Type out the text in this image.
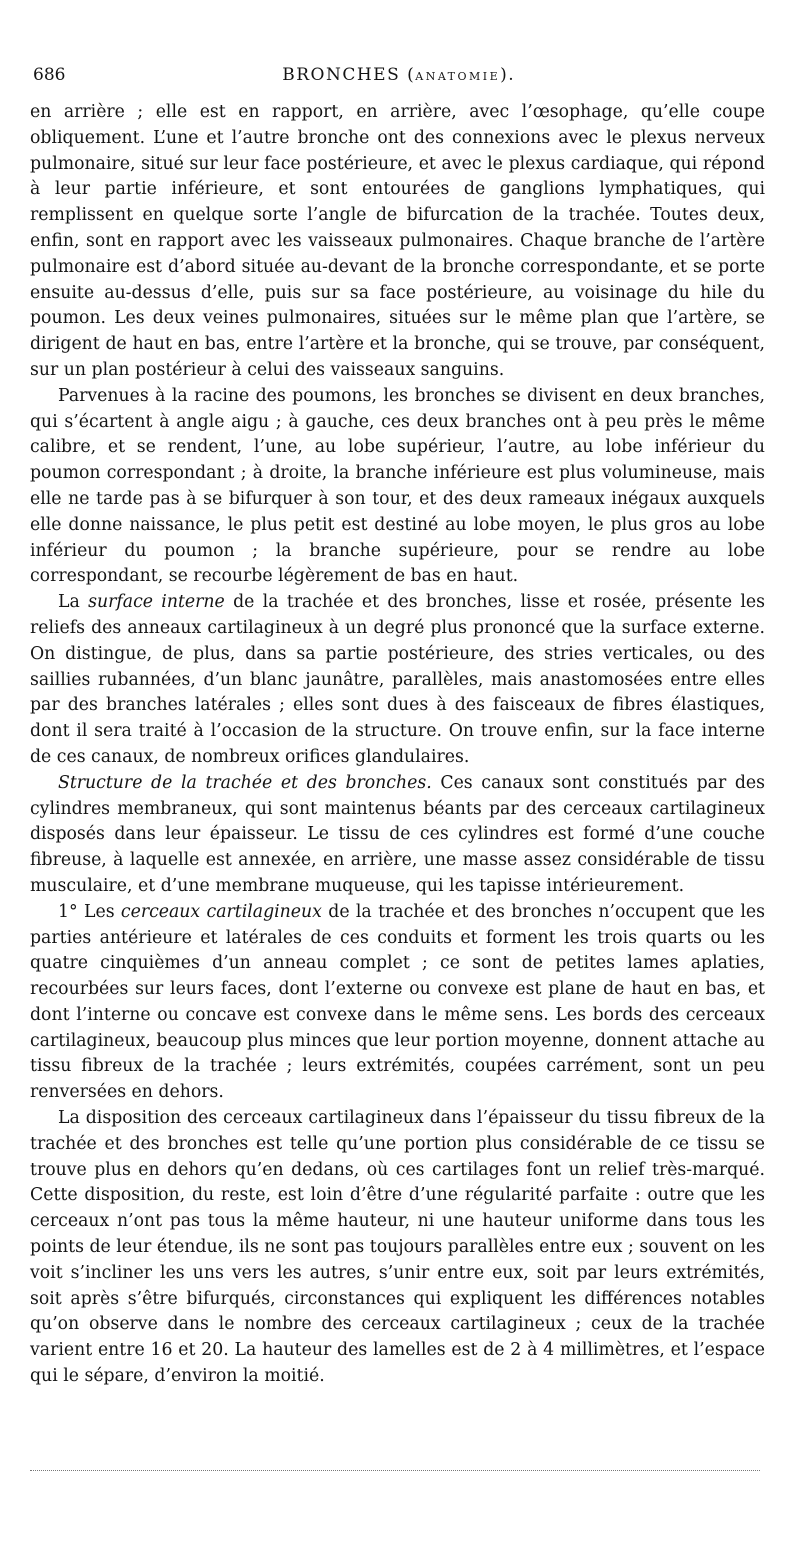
686	BRONCHES (ANATOMIE).

en arrière ; elle est en rapport, en arrière, avec l’œsophage, qu’elle coupe obliquement. L’une et l’autre bronche ont des connexions avec le plexus nerveux pulmonaire, situé sur leur face postérieure, et avec le plexus cardiaque, qui répond à leur partie inférieure, et sont entourées de ganglions lymphatiques, qui remplissent en quelque sorte l’angle de bifurcation de la trachée. Toutes deux, enfin, sont en rapport avec les vaisseaux pulmonaires. Chaque branche de l’artère pulmonaire est d’abord située au-devant de la bronche correspondante, et se porte ensuite au-dessus d’elle, puis sur sa face postérieure, au voisinage du hile du poumon. Les deux veines pulmonaires, situées sur le même plan que l’artère, se dirigent de haut en bas, entre l’artère et la bronche, qui se trouve, par conséquent, sur un plan postérieur à celui des vaisseaux sanguins.

Parvenues à la racine des poumons, les bronches se divisent en deux branches, qui s’écartent à angle aigu ; à gauche, ces deux branches ont à peu près le même calibre, et se rendent, l’une, au lobe supérieur, l’autre, au lobe inférieur du poumon correspondant ; à droite, la branche inférieure est plus volumineuse, mais elle ne tarde pas à se bifurquer à son tour, et des deux rameaux inégaux auxquels elle donne naissance, le plus petit est destiné au lobe moyen, le plus gros au lobe inférieur du poumon ; la branche supérieure, pour se rendre au lobe correspondant, se recourbe légèrement de bas en haut.

La surface interne de la trachée et des bronches, lisse et rosée, présente les reliefs des anneaux cartilagineux à un degré plus prononcé que la surface externe. On distingue, de plus, dans sa partie postérieure, des stries verticales, ou des saillies rubannées, d’un blanc jaunâtre, parallèles, mais anastomosées entre elles par des branches latérales ; elles sont dues à des faisceaux de fibres élastiques, dont il sera traité à l’occasion de la structure. On trouve enfin, sur la face interne de ces canaux, de nombreux orifices glandulaires.

Structure de la trachée et des bronches. Ces canaux sont constitués par des cylindres membraneux, qui sont maintenus béants par des cerceaux cartilagineux disposés dans leur épaisseur. Le tissu de ces cylindres est formé d’une couche fibreuse, à laquelle est annexée, en arrière, une masse assez considérable de tissu musculaire, et d’une membrane muqueuse, qui les tapisse intérieurement.

1° Les cerceaux cartilagineux de la trachée et des bronches n’occupent que les parties antérieure et latérales de ces conduits et forment les trois quarts ou les quatre cinquièmes d’un anneau complet ; ce sont de petites lames aplaties, recourbées sur leurs faces, dont l’externe ou convexe est plane de haut en bas, et dont l’interne ou concave est convexe dans le même sens. Les bords des cerceaux cartilagineux, beaucoup plus minces que leur portion moyenne, donnent attache au tissu fibreux de la trachée ; leurs extrémités, coupées carrément, sont un peu renversées en dehors.

La disposition des cerceaux cartilagineux dans l’épaisseur du tissu fibreux de la trachée et des bronches est telle qu’une portion plus considérable de ce tissu se trouve plus en dehors qu’en dedans, où ces cartilages font un relief très-marqué. Cette disposition, du reste, est loin d’être d’une régularité parfaite : outre que les cerceaux n’ont pas tous la même hauteur, ni une hauteur uniforme dans tous les points de leur étendue, ils ne sont pas toujours parallèles entre eux ; souvent on les voit s’incliner les uns vers les autres, s’unir entre eux, soit par leurs extrémités, soit après s’être bifurqués, circonstances qui expliquent les différences notables qu’on observe dans le nombre des cerceaux cartilagineux ; ceux de la trachée varient entre 16 et 20. La hauteur des lamelles est de 2 à 4 millimètres, et l’espace qui le sépare, d’environ la moitié.
